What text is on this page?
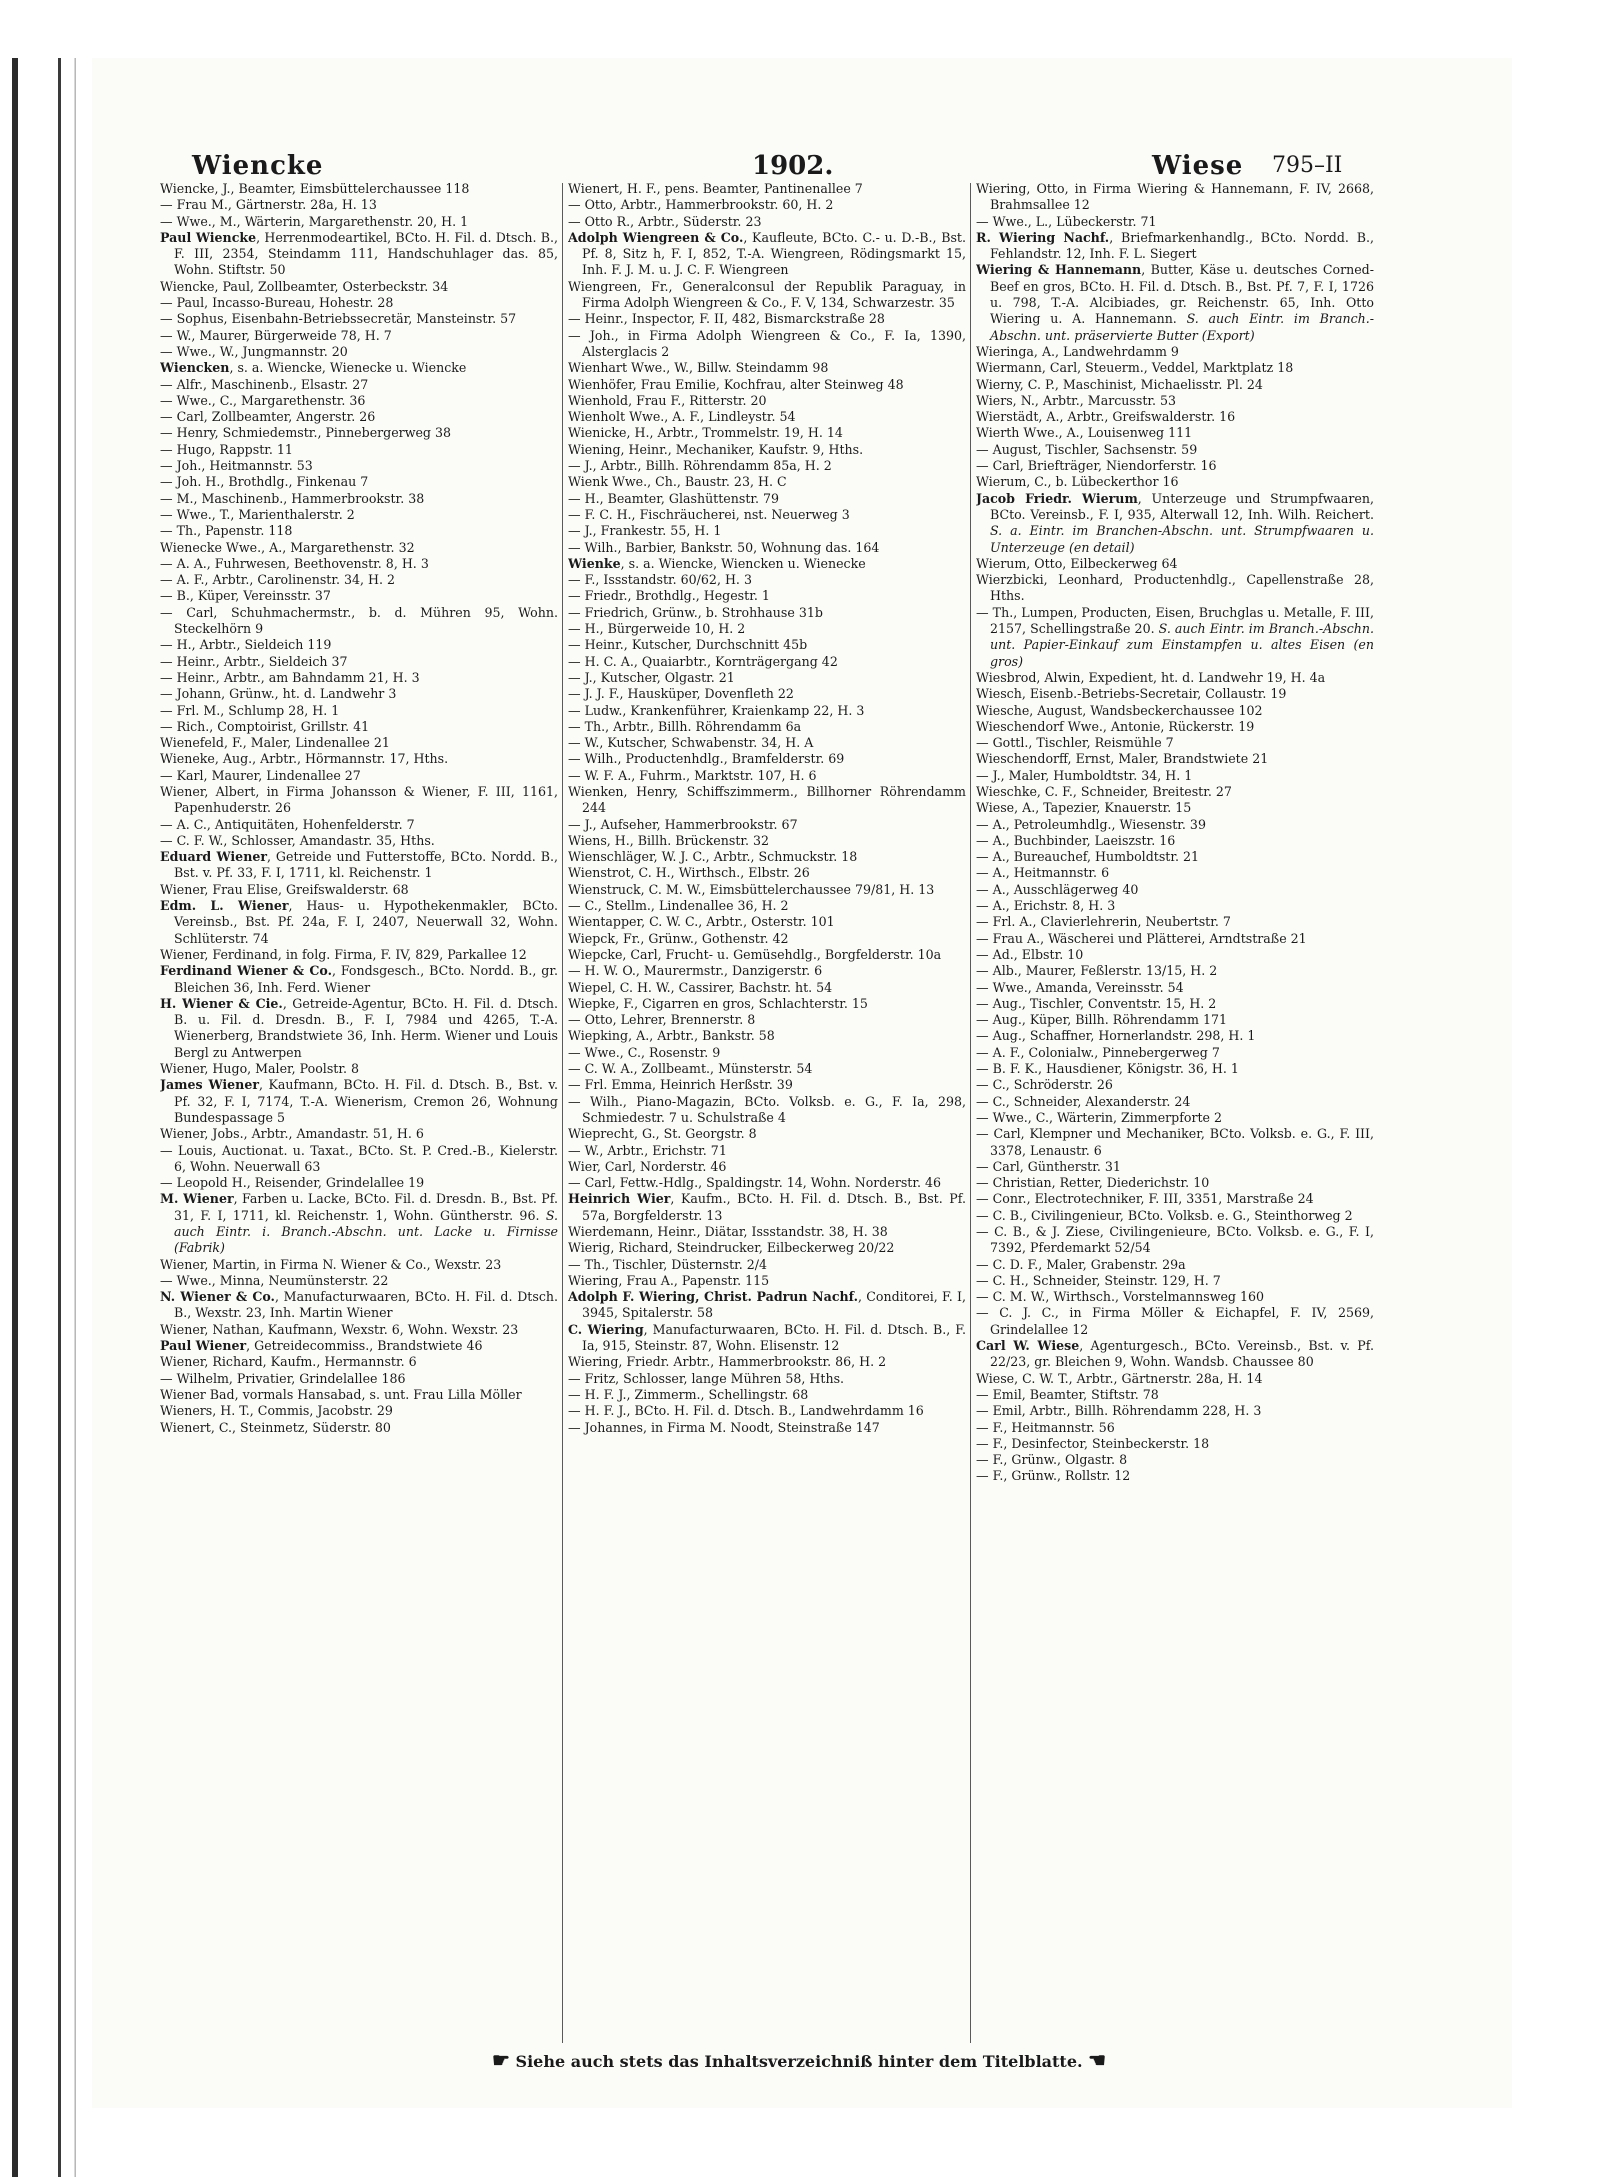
Wiencke	1902.	Wiese 795–II

Wiencke, J., Beamter, Eimsbüttelerchaussee 118

— Frau M., Gärtnerstr. 28a, H. 13

— Wwe., M., Wärterin, Margarethenstr. 20, H. 1

Paul Wiencke, Herrenmodeartikel, BCto. H. Fil. d. Dtsch. B., F. III, 2354, Steindamm 111, Handschuhlager das. 85, Wohn. Stiftstr. 50

Wiencke, Paul, Zollbeamter, Osterbeckstr. 34

— Paul, Incasso-Bureau, Hohestr. 28

— Sophus, Eisenbahn-Betriebssecretär, Mansteinstr. 57

— W., Maurer, Bürgerweide 78, H. 7

— Wwe., W., Jungmannstr. 20

Wiencken, s. a. Wiencke, Wienecke u. Wiencke

— Alfr., Maschinenb., Elsastr. 27

— Wwe., C., Margarethenstr. 36

— Carl, Zollbeamter, Angerstr. 26

— Henry, Schmiedemstr., Pinnebergerweg 38

— Hugo, Rappstr. 11

— Joh., Heitmannstr. 53

— Joh. H., Brothdlg., Finkenau 7

— M., Maschinenb., Hammerbrookstr. 38

— Wwe., T., Marienthalerstr. 2

— Th., Papenstr. 118

Wienecke Wwe., A., Margarethenstr. 32

— A. A., Fuhrwesen, Beethovenstr. 8, H. 3

— A. F., Arbtr., Carolinenstr. 34, H. 2

— B., Küper, Vereinsstr. 37

— Carl, Schuhmachermstr., b. d. Mühren 95, Wohn. Steckelhörn 9

— H., Arbtr., Sieldeich 119

— Heinr., Arbtr., Sieldeich 37

— Heinr., Arbtr., am Bahndamm 21, H. 3

— Johann, Grünw., ht. d. Landwehr 3

— Frl. M., Schlump 28, H. 1

— Rich., Comptoirist, Grillstr. 41

Wienefeld, F., Maler, Lindenallee 21

Wienekе, Aug., Arbtr., Hörmannstr. 17, Hths.

— Karl, Maurer, Lindenallee 27

Wiener, Albert, in Firma Johansson & Wiener, F. III, 1161, Papenhuderstr. 26

— A. C., Antiquitäten, Hohenfelderstr. 7

— C. F. W., Schlosser, Amandastr. 35, Hths.

Eduard Wiener, Getreide und Futterstoffe, BCto. Nordd. B., Bst. v. Pf. 33, F. I, 1711, kl. Reichenstr. 1

Wiener, Frau Elise, Greifswalderstr. 68

Edm. L. Wiener, Haus- u. Hypothekenmakler, BCto. Vereinsb., Bst. Pf. 24a, F. I, 2407, Neuerwall 32, Wohn. Schlüterstr. 74

Wiener, Ferdinand, in folg. Firma, F. IV, 829, Parkallee 12

Ferdinand Wiener & Co., Fondsgesch., BCto. Nordd. B., gr. Bleichen 36, Inh. Ferd. Wiener

H. Wiener & Cie., Getreide-Agentur, BCto. H. Fil. d. Dtsch. B. u. Fil. d. Dresdn. B., F. I, 7984 und 4265, T.-A. Wienerberg, Brandstwiete 36, Inh. Herm. Wiener und Louis Bergl zu Antwerpen

Wiener, Hugo, Maler, Poolstr. 8

James Wiener, Kaufmann, BCto. H. Fil. d. Dtsch. B., Bst. v. Pf. 32, F. I, 7174, T.-A. Wienerism, Cremon 26, Wohnung Bundespassage 5

Wiener, Jobs., Arbtr., Amandastr. 51, H. 6

— Louis, Auctionat. u. Taxat., BCto. St. P. Cred.-B., Kielerstr. 6, Wohn. Neuerwall 63

— Leopold H., Reisender, Grindelallee 19

M. Wiener, Farben u. Lacke, BCto. Fil. d. Dresdn. B., Bst. Pf. 31, F. I, 1711, kl. Reichenstr. 1, Wohn. Güntherstr. 96. S. auch Eintr. i. Branch.-Abschn. unt. Lacke u. Firnisse (Fabrik)

Wiener, Martin, in Firma N. Wiener & Co., Wexstr. 23

— Wwe., Minna, Neumünsterstr. 22

N. Wiener & Co., Manufacturwaaren, BCto. H. Fil. d. Dtsch. B., Wexstr. 23, Inh. Martin Wiener

Wiener, Nathan, Kaufmann, Wexstr. 6, Wohn. Wexstr. 23

Paul Wiener, Getreidecommiss., Brandstwiete 46

Wiener, Richard, Kaufm., Hermannstr. 6

— Wilhelm, Privatier, Grindelallee 186

Wiener Bad, vormals Hansabad, s. unt. Frau Lilla Möller

Wieners, H. T., Commis, Jacobstr. 29

Wienert, C., Steinmetz, Süderstr. 80

Wienert, H. F., pens. Beamter, Pantinenallee 7

— Otto, Arbtr., Hammerbrookstr. 60, H. 2

— Otto R., Arbtr., Süderstr. 23

Adolph Wiengreen & Co., Kaufleute, BCto. C.- u. D.-B., Bst. Pf. 8, Sitz h, F. I, 852, T.-A. Wiengreen, Rödingsmarkt 15, Inh. F. J. M. u. J. C. F. Wiengreen

Wiengreen, Fr., Generalconsul der Republik Paraguay, in Firma Adolph Wiengreen & Co., F. V, 134, Schwarzestr. 35

— Heinr., Inspector, F. II, 482, Bismarckstraße 28

— Joh., in Firma Adolph Wiengreen & Co., F. Ia, 1390, Alsterglacis 2

Wienhart Wwe., W., Billw. Steindamm 98

Wienhöfer, Frau Emilie, Kochfrau, alter Steinweg 48

Wienhold, Frau F., Ritterstr. 20

Wienholt Wwe., A. F., Lindleystr. 54

Wienicke, H., Arbtr., Trommelstr. 19, H. 14

Wiening, Heinr., Mechaniker, Kaufstr. 9, Hths.

— J., Arbtr., Billh. Röhrendamm 85a, H. 2

Wienk Wwe., Ch., Baustr. 23, H. C

— H., Beamter, Glashüttenstr. 79

— F. C. H., Fischräucherei, nst. Neuerweg 3

— J., Frankestr. 55, H. 1

— Wilh., Barbier, Bankstr. 50, Wohnung das. 164

Wienke, s. a. Wiencke, Wiencken u. Wienecke

— F., Issstandstr. 60/62, H. 3

— Friedr., Brothdlg., Hegestr. 1

— Friedrich, Grünw., b. Strohhause 31b

— H., Bürgerweide 10, H. 2

— Heinr., Kutscher, Durchschnitt 45b

— H. C. A., Quaiarbtr., Kornträgergang 42

— J., Kutscher, Olgastr. 21

— J. J. F., Hausküper, Dovenfleth 22

— Ludw., Krankenführer, Kraienkamp 22, H. 3

— Th., Arbtr., Billh. Röhrendamm 6a

— W., Kutscher, Schwabenstr. 34, H. A

— Wilh., Productenhdlg., Bramfelderstr. 69

— W. F. A., Fuhrm., Marktstr. 107, H. 6

Wienken, Henry, Schiffszimmerm., Billhorner Röhrendamm 244

— J., Aufseher, Hammerbrookstr. 67

Wiens, H., Billh. Brückenstr. 32

Wienschläger, W. J. C., Arbtr., Schmuckstr. 18

Wienstrot, C. H., Wirthsch., Elbstr. 26

Wienstruck, C. M. W., Eimsbüttelerchaussee 79/81, H. 13

— C., Stellm., Lindenallee 36, H. 2

Wientapper, C. W. C., Arbtr., Osterstr. 101

Wiepck, Fr., Grünw., Gothenstr. 42

Wiepcke, Carl, Frucht- u. Gemüsehdlg., Borgfelderstr. 10a

— H. W. O., Maurermstr., Danzigerstr. 6

Wiepel, C. H. W., Cassirer, Bachstr. ht. 54

Wiepke, F., Cigarren en gros, Schlachterstr. 15

— Otto, Lehrer, Brennerstr. 8

Wiepking, A., Arbtr., Bankstr. 58

— Wwe., C., Rosenstr. 9

— C. W. A., Zollbeamt., Münsterstr. 54

— Frl. Emma, Heinrich Herßstr. 39

— Wilh., Piano-Magazin, BCto. Volksb. e. G., F. Ia, 298, Schmiedestr. 7 u. Schulstraße 4

Wieprecht, G., St. Georgstr. 8

— W., Arbtr., Erichstr. 71

Wier, Carl, Norderstr. 46

— Carl, Fettw.-Hdlg., Spaldingstr. 14, Wohn. Norderstr. 46

Heinrich Wier, Kaufm., BCto. H. Fil. d. Dtsch. B., Bst. Pf. 57a, Borgfelderstr. 13

Wierdemann, Heinr., Diätar, Issstandstr. 38, H. 38

Wierig, Richard, Steindrucker, Eilbeckerweg 20/22

— Th., Tischler, Düsternstr. 2/4

Wiering, Frau A., Papenstr. 115

Adolph F. Wiering, Christ. Padrun Nachf., Conditorei, F. I, 3945, Spitalerstr. 58

C. Wiering, Manufacturwaaren, BCto. H. Fil. d. Dtsch. B., F. Ia, 915, Steinstr. 87, Wohn. Elisenstr. 12

Wiering, Friedr. Arbtr., Hammerbrookstr. 86, H. 2

— Fritz, Schlosser, lange Mühren 58, Hths.

— H. F. J., Zimmerm., Schellingstr. 68

— H. F. J., BCto. H. Fil. d. Dtsch. B., Landwehrdamm 16

— Johannes, in Firma M. Noodt, Steinstraße 147

Wiering, Otto, in Firma Wiering & Hannemann, F. IV, 2668, Brahmsallee 12

— Wwe., L., Lübeckerstr. 71

R. Wiering Nachf., Briefmarkenhandlg., BCto. Nordd. B., Fehlandstr. 12, Inh. F. L. Siegert

Wiering & Hannemann, Butter, Käse u. deutsches Corned-Beef en gros, BCto. H. Fil. d. Dtsch. B., Bst. Pf. 7, F. I, 1726 u. 798, T.-A. Alcibiades, gr. Reichenstr. 65, Inh. Otto Wiering u. A. Hannemann. S. auch Eintr. im Branch.-Abschn. unt. präservierte Butter (Export)

Wieringa, A., Landwehrdamm 9

Wiermann, Carl, Steuerm., Veddel, Marktplatz 18

Wierny, C. P., Maschinist, Michaelisstr. Pl. 24

Wiers, N., Arbtr., Marcusstr. 53

Wierstädt, A., Arbtr., Greifswalderstr. 16

Wierth Wwe., A., Louisenweg 111

— August, Tischler, Sachsenstr. 59

— Carl, Briefträger, Niendorferstr. 16

Wierum, C., b. Lübeckerthor 16

Jacob Friedr. Wierum, Unterzeuge und Strumpfwaaren, BCto. Vereinsb., F. I, 935, Alterwall 12, Inh. Wilh. Reichert. S. a. Eintr. im Branchen-Abschn. unt. Strumpfwaaren u. Unterzeuge (en detail)

Wierum, Otto, Eilbeckerweg 64

Wierzbicki, Leonhard, Productenhdlg., Capellenstraße 28, Hths.

— Th., Lumpen, Producten, Eisen, Bruchglas u. Metalle, F. III, 2157, Schellingstraße 20. S. auch Eintr. im Branch.-Abschn. unt. Papier-Einkauf zum Einstampfen u. altes Eisen (en gros)

Wiesbrod, Alwin, Expedient, ht. d. Landwehr 19, H. 4a

Wiesch, Eisenb.-Betriebs-Secretair, Collaustr. 19

Wiesche, August, Wandsbeckerchaussee 102

Wieschendorf Wwe., Antonie, Rückerstr. 19

— Gottl., Tischler, Reismühle 7

Wieschendorff, Ernst, Maler, Brandstwiete 21

— J., Maler, Humboldtstr. 34, H. 1

Wieschke, C. F., Schneider, Breitestr. 27

Wiese, A., Tapezier, Knauerstr. 15

— A., Petroleumhdlg., Wiesenstr. 39

— A., Buchbinder, Laeiszstr. 16

— A., Bureauchef, Humboldtstr. 21

— A., Heitmannstr. 6

— A., Ausschlägerweg 40

— A., Erichstr. 8, H. 3

— Frl. A., Clavierlehrerin, Neubertstr. 7

— Frau A., Wäscherei und Plätterei, Arndtstraße 21

— Ad., Elbstr. 10

— Alb., Maurer, Feßlerstr. 13/15, H. 2

— Wwe., Amanda, Vereinsstr. 54

— Aug., Tischler, Conventstr. 15, H. 2

— Aug., Küper, Billh. Röhrendamm 171

— Aug., Schaffner, Hornerlandstr. 298, H. 1

— A. F., Colonialw., Pinnebergerweg 7

— B. F. K., Hausdiener, Königstr. 36, H. 1

— C., Schröderstr. 26

— C., Schneider, Alexanderstr. 24

— Wwe., C., Wärterin, Zimmerpforte 2

— Carl, Klempner und Mechaniker, BCto. Volksb. e. G., F. III, 3378, Lenaustr. 6

— Carl, Güntherstr. 31

— Christian, Retter, Diederichstr. 10

— Conr., Electrotechniker, F. III, 3351, Marstraße 24

— C. B., Civilingenieur, BCto. Volksb. e. G., Steinthorweg 2

— C. B., & J. Ziese, Civilingenieure, BCto. Volksb. e. G., F. I, 7392, Pferdemarkt 52/54

— C. D. F., Maler, Grabenstr. 29a

— C. H., Schneider, Steinstr. 129, H. 7

— C. M. W., Wirthsch., Vorstelmannsweg 160

— C. J. C., in Firma Möller & Eichapfel, F. IV, 2569, Grindelallee 12

Carl W. Wiese, Agenturgesch., BCto. Vereinsb., Bst. v. Pf. 22/23, gr. Bleichen 9, Wohn. Wandsb. Chaussee 80

Wiese, C. W. T., Arbtr., Gärtnerstr. 28a, H. 14

— Emil, Beamter, Stiftstr. 78

— Emil, Arbtr., Billh. Röhrendamm 228, H. 3

— F., Heitmannstr. 56

— F., Desinfector, Steinbeckerstr. 18

— F., Grünw., Olgastr. 8

— F., Grünw., Rollstr. 12

☛ Siehe auch stets das Inhaltsverzeichniß hinter dem Titelblatte. ☚
